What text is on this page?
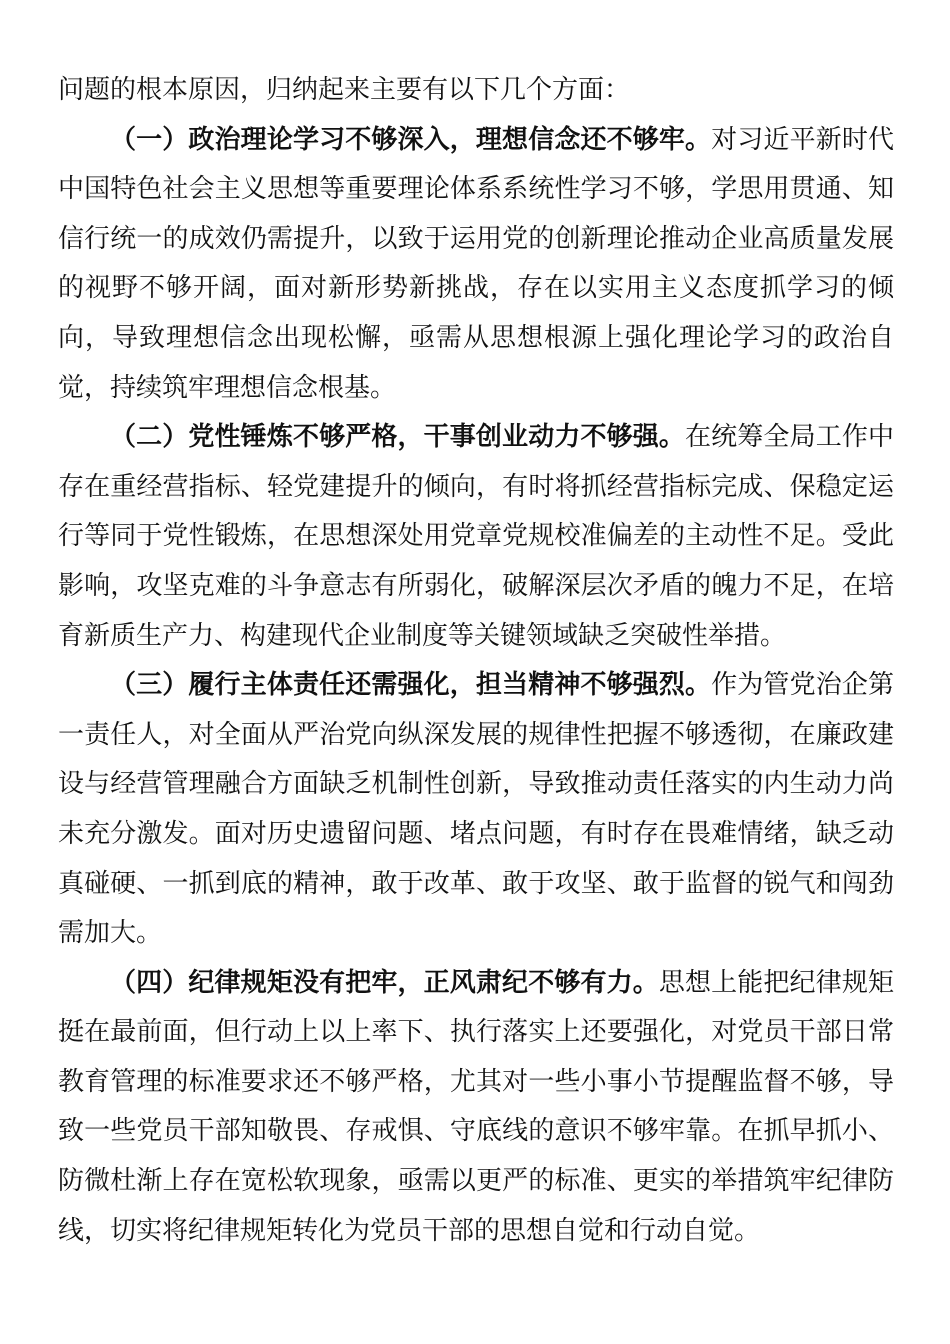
问题的根本原因，归纳起来主要有以下几个方面：

（一）政治理论学习不够深入，理想信念还不够牢。对习近平新时代中国特色社会主义思想等重要理论体系系统性学习不够，学思用贯通、知信行统一的成效仍需提升，以致于运用党的创新理论推动企业高质量发展的视野不够开阔，面对新形势新挑战，存在以实用主义态度抓学习的倾向，导致理想信念出现松懈，亟需从思想根源上强化理论学习的政治自觉，持续筑牢理想信念根基。

（二）党性锤炼不够严格，干事创业动力不够强。在统筹全局工作中存在重经营指标、轻党建提升的倾向，有时将抓经营指标完成、保稳定运行等同于党性锻炼，在思想深处用党章党规校准偏差的主动性不足。受此影响，攻坚克难的斗争意志有所弱化，破解深层次矛盾的魄力不足，在培育新质生产力、构建现代企业制度等关键领域缺乏突破性举措。

（三）履行主体责任还需强化，担当精神不够强烈。作为管党治企第一责任人，对全面从严治党向纵深发展的规律性把握不够透彻，在廉政建设与经营管理融合方面缺乏机制性创新，导致推动责任落实的内生动力尚未充分激发。面对历史遗留问题、堵点问题，有时存在畏难情绪，缺乏动真碰硬、一抓到底的精神，敢于改革、敢于攻坚、敢于监督的锐气和闯劲需加大。

（四）纪律规矩没有把牢，正风肃纪不够有力。思想上能把纪律规矩挺在最前面，但行动上以上率下、执行落实上还要强化，对党员干部日常教育管理的标准要求还不够严格，尤其对一些小事小节提醒监督不够，导致一些党员干部知敬畏、存戒惧、守底线的意识不够牢靠。在抓早抓小、防微杜渐上存在宽松软现象，亟需以更严的标准、更实的举措筑牢纪律防线，切实将纪律规矩转化为党员干部的思想自觉和行动自觉。
